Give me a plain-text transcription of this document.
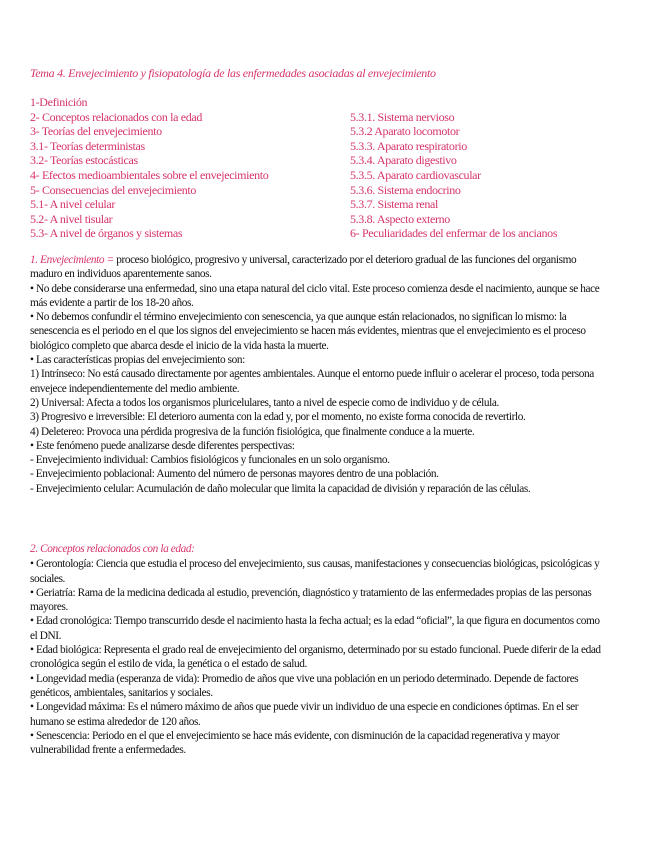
Tema 4. Envejecimiento y fisiopatología de las enfermedades asociadas al envejecimiento
1-Definición
2- Conceptos relacionados con la edad
3- Teorías del envejecimiento
3.1- Teorías deterministas
3.2- Teorías estocásticas
4- Efectos medioambientales sobre el envejecimiento
5- Consecuencias del envejecimiento
5.1- A nivel celular
5.2- A nivel tisular
5.3- A nivel de órganos y sistemas
5.3.1. Sistema nervioso
5.3.2 Aparato locomotor
5.3.3. Aparato respiratorio
5.3.4. Aparato digestivo
5.3.5. Aparato cardiovascular
5.3.6. Sistema endocrino
5.3.7. Sistema renal
5.3.8. Aspecto externo
6- Peculiaridades del enfermar de los ancianos

1. Envejecimiento = proceso biológico, progresivo y universal, caracterizado por el deterioro gradual de las funciones del organismo maduro en individuos aparentemente sanos.

• No debe considerarse una enfermedad, sino una etapa natural del ciclo vital. Este proceso comienza desde el nacimiento, aunque se hace más evidente a partir de los 18-20 años.

• No debemos confundir el término envejecimiento con senescencia, ya que aunque están relacionados, no significan lo mismo: la senescencia es el periodo en el que los signos del envejecimiento se hacen más evidentes, mientras que el envejecimiento es el proceso biológico completo que abarca desde el inicio de la vida hasta la muerte.

• Las características propias del envejecimiento son:

1) Intrínseco: No está causado directamente por agentes ambientales. Aunque el entorno puede influir o acelerar el proceso, toda persona envejece independientemente del medio ambiente.

2) Universal: Afecta a todos los organismos pluricelulares, tanto a nivel de especie como de individuo y de célula.

3) Progresivo e irreversible: El deterioro aumenta con la edad y, por el momento, no existe forma conocida de revertirlo.

4) Deletereo: Provoca una pérdida progresiva de la función fisiológica, que finalmente conduce a la muerte.

• Este fenómeno puede analizarse desde diferentes perspectivas:

- Envejecimiento individual: Cambios fisiológicos y funcionales en un solo organismo.

- Envejecimiento poblacional: Aumento del número de personas mayores dentro de una población.

- Envejecimiento celular: Acumulación de daño molecular que limita la capacidad de división y reparación de las células.

2. Conceptos relacionados con la edad:

• Gerontología: Ciencia que estudia el proceso del envejecimiento, sus causas, manifestaciones y consecuencias biológicas, psicológicas y sociales.

• Geriatría: Rama de la medicina dedicada al estudio, prevención, diagnóstico y tratamiento de las enfermedades propias de las personas mayores.

• Edad cronológica: Tiempo transcurrido desde el nacimiento hasta la fecha actual; es la edad “oficial”, la que figura en documentos como el DNI.

• Edad biológica: Representa el grado real de envejecimiento del organismo, determinado por su estado funcional. Puede diferir de la edad cronológica según el estilo de vida, la genética o el estado de salud.

• Longevidad media (esperanza de vida): Promedio de años que vive una población en un periodo determinado. Depende de factores genéticos, ambientales, sanitarios y sociales.

• Longevidad máxima: Es el número máximo de años que puede vivir un individuo de una especie en condiciones óptimas. En el ser humano se estima alrededor de 120 años.

• Senescencia: Periodo en el que el envejecimiento se hace más evidente, con disminución de la capacidad regenerativa y mayor vulnerabilidad frente a enfermedades.
